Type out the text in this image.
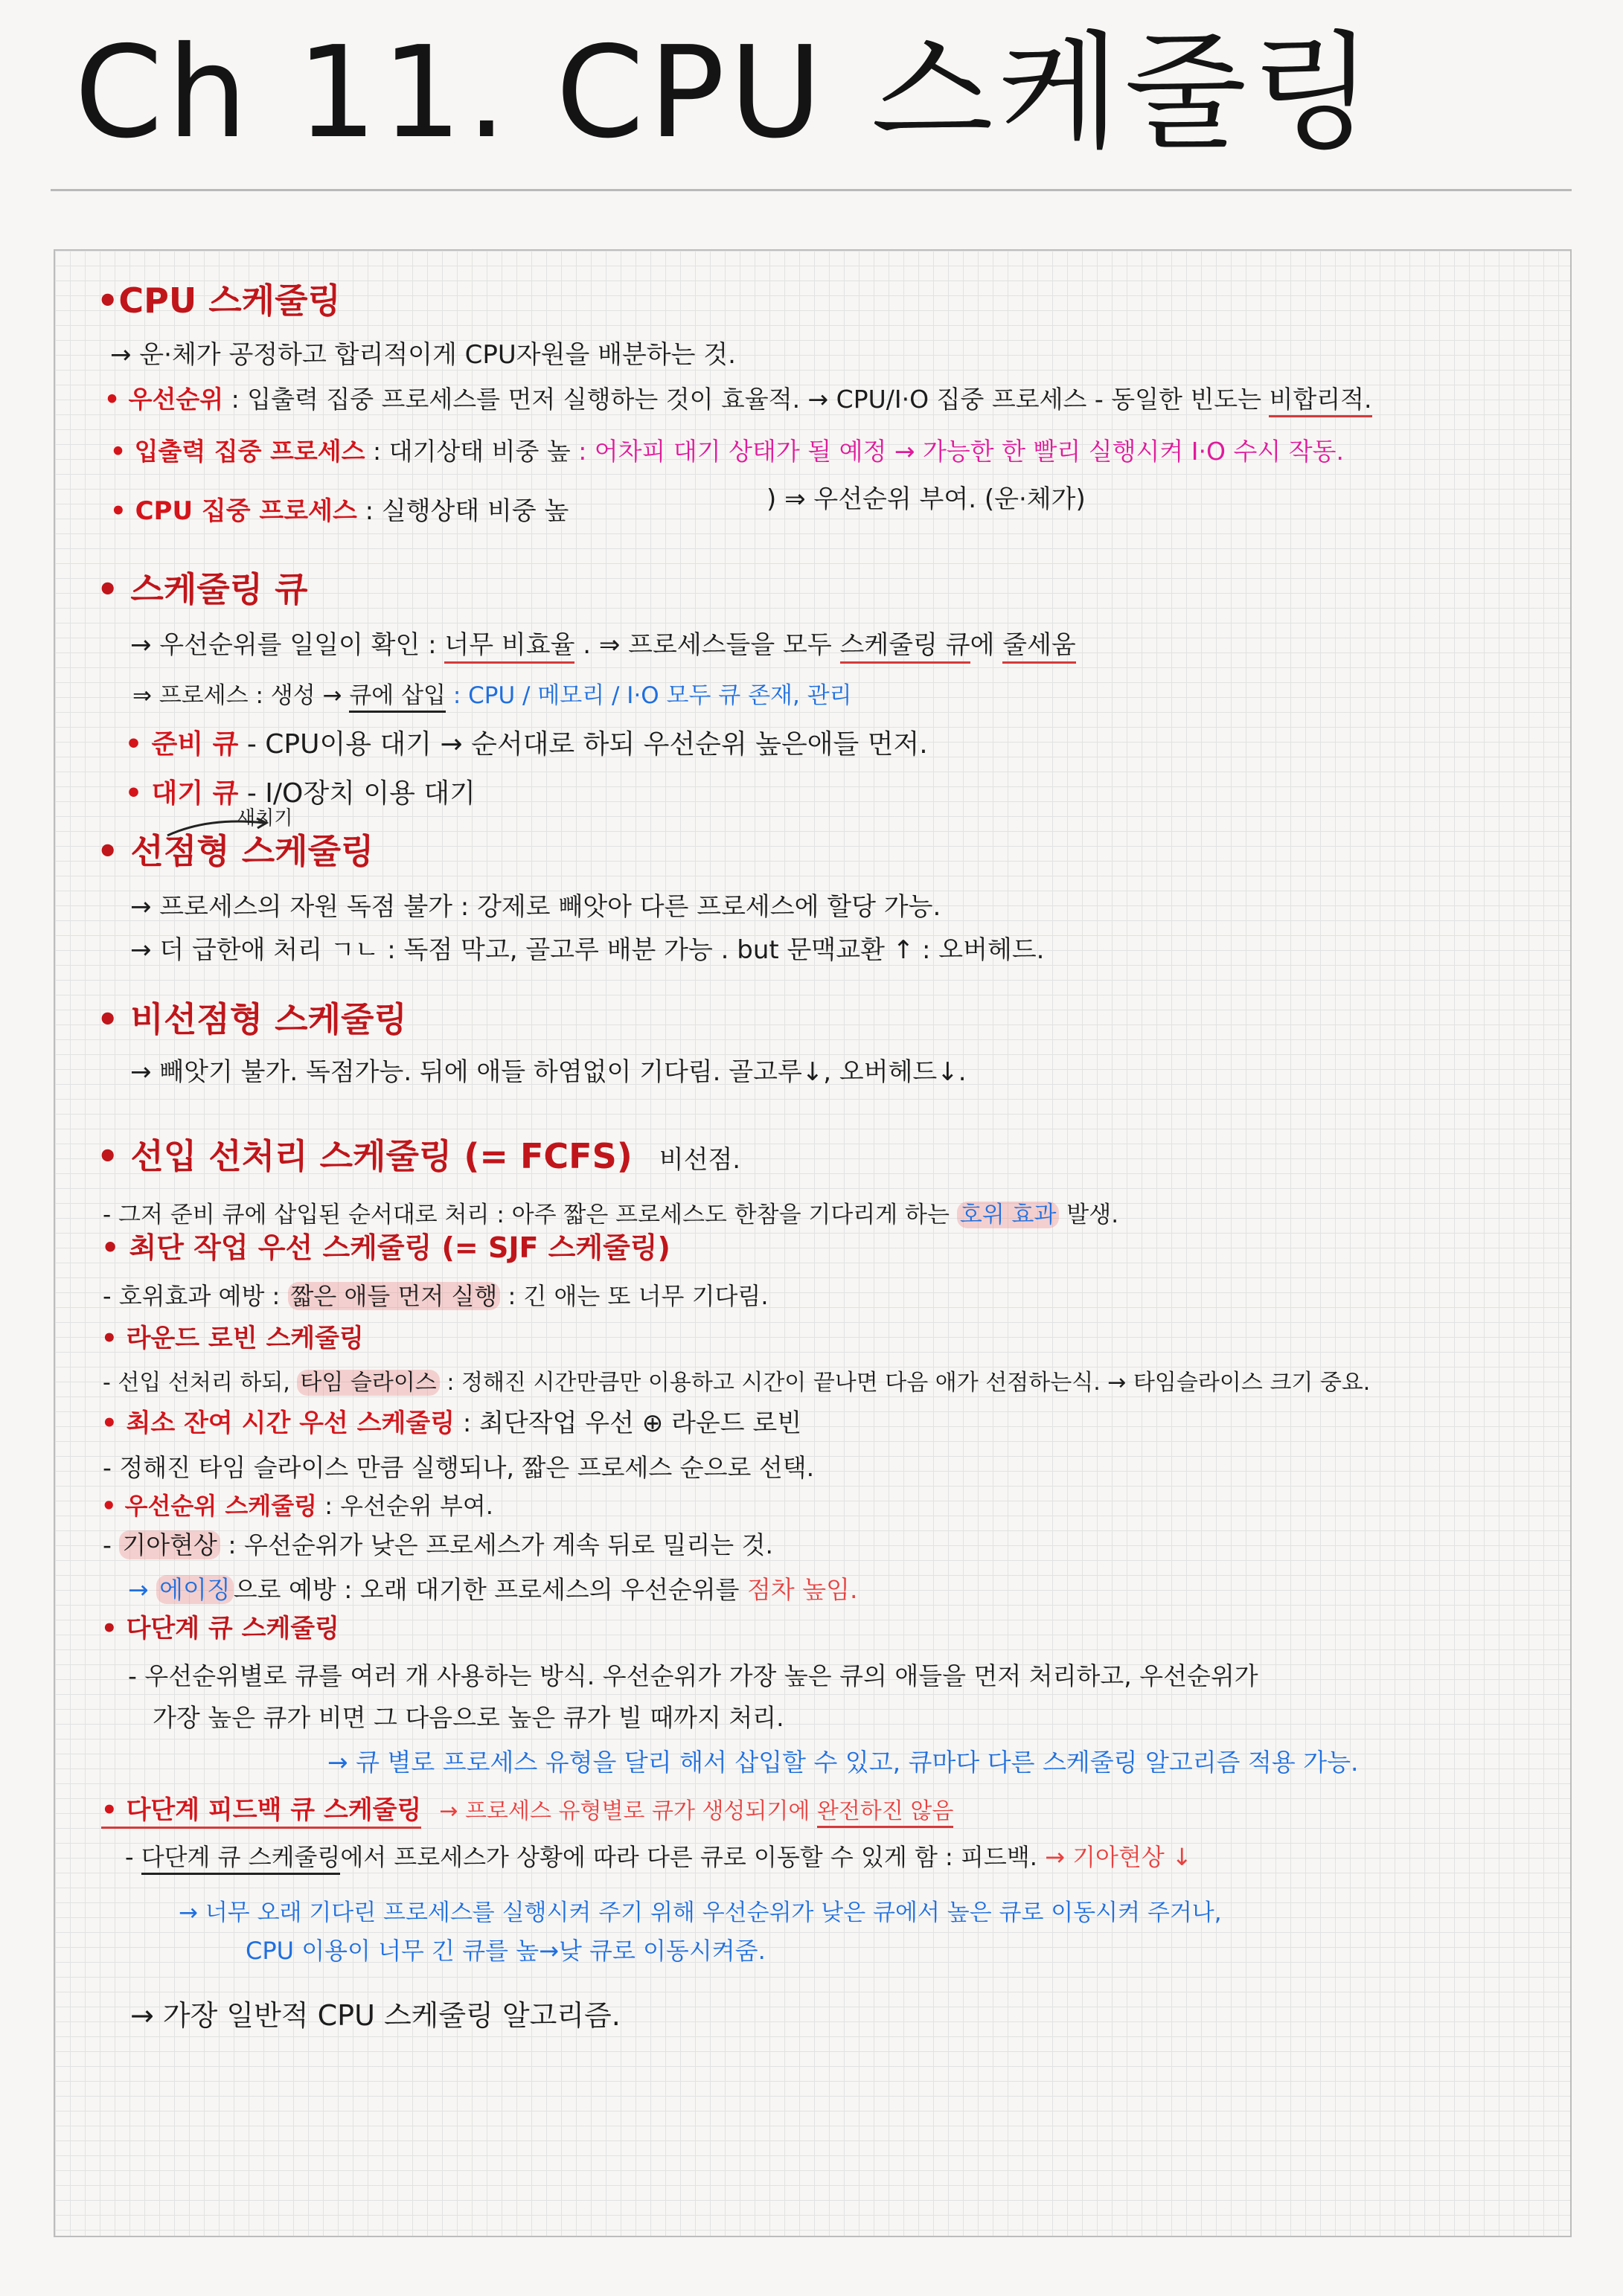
Ch 11. CPU 스케줄링
•CPU 스케줄링
→ 운·체가 공정하고 합리적이게 CPU자원을 배분하는 것.
• 우선순위 : 입출력 집중 프로세스를 먼저 실행하는 것이 효율적. → CPU/I·O 집중 프로세스 - 동일한 빈도는 비합리적.
• 입출력 집중 프로세스 : 대기상태 비중 높 : 어차피 대기 상태가 될 예정 → 가능한 한 빨리 실행시켜 I·O 수시 작동.
• CPU 집중 프로세스 : 실행상태 비중 높	) ⇒ 우선순위 부여. (운·체가)
• 스케줄링 큐
→ 우선순위를 일일이 확인 : 너무 비효율 . ⇒ 프로세스들을 모두 스케줄링 큐에 줄세움
⇒ 프로세스 : 생성 → 큐에 삽입 : CPU / 메모리 / I·O 모두 큐 존재, 관리
• 준비 큐 - CPU이용 대기 → 순서대로 하되 우선순위 높은애들 먼저.
• 대기 큐 - I/O장치 이용 대기
새치기
• 선점형 스케줄링
→ 프로세스의 자원 독점 불가 : 강제로 빼앗아 다른 프로세스에 할당 가능.
→ 더 급한애 처리 ㄱㄴ : 독점 막고, 골고루 배분 가능 . but 문맥교환 ↑ : 오버헤드.
• 비선점형 스케줄링
→ 빼앗기 불가. 독점가능. 뒤에 애들 하염없이 기다림. 골고루↓, 오버헤드↓.
• 선입 선처리 스케줄링 (= FCFS) 비선점.
- 그저 준비 큐에 삽입된 순서대로 처리 : 아주 짧은 프로세스도 한참을 기다리게 하는 호위 효과 발생.
• 최단 작업 우선 스케줄링 (= SJF 스케줄링)
- 호위효과 예방 : 짧은 애들 먼저 실행 : 긴 애는 또 너무 기다림.
• 라운드 로빈 스케줄링
- 선입 선처리 하되, 타임 슬라이스 : 정해진 시간만큼만 이용하고 시간이 끝나면 다음 애가 선점하는식. → 타임슬라이스 크기 중요.
• 최소 잔여 시간 우선 스케줄링 : 최단작업 우선 ⊕ 라운드 로빈
- 정해진 타임 슬라이스 만큼 실행되나, 짧은 프로세스 순으로 선택.
• 우선순위 스케줄링 : 우선순위 부여.
- 기아현상 : 우선순위가 낮은 프로세스가 계속 뒤로 밀리는 것.
→ 에이징 으로 예방 : 오래 대기한 프로세스의 우선순위를 점차 높임.
• 다단계 큐 스케줄링
- 우선순위별로 큐를 여러 개 사용하는 방식. 우선순위가 가장 높은 큐의 애들을 먼저 처리하고, 우선순위가
가장 높은 큐가 비면 그 다음으로 높은 큐가 빌 때까지 처리.
→ 큐 별로 프로세스 유형을 달리 해서 삽입할 수 있고, 큐마다 다른 스케줄링 알고리즘 적용 가능.
• 다단계 피드백 큐 스케줄링 → 프로세스 유형별로 큐가 생성되기에 완전하진 않음
- 다단계 큐 스케줄링에서 프로세스가 상황에 따라 다른 큐로 이동할 수 있게 함 : 피드백. → 기아현상 ↓
→ 너무 오래 기다린 프로세스를 실행시켜 주기 위해 우선순위가 낮은 큐에서 높은 큐로 이동시켜 주거나,
CPU 이용이 너무 긴 큐를 높→낮 큐로 이동시켜줌.
→ 가장 일반적 CPU 스케줄링 알고리즘.
